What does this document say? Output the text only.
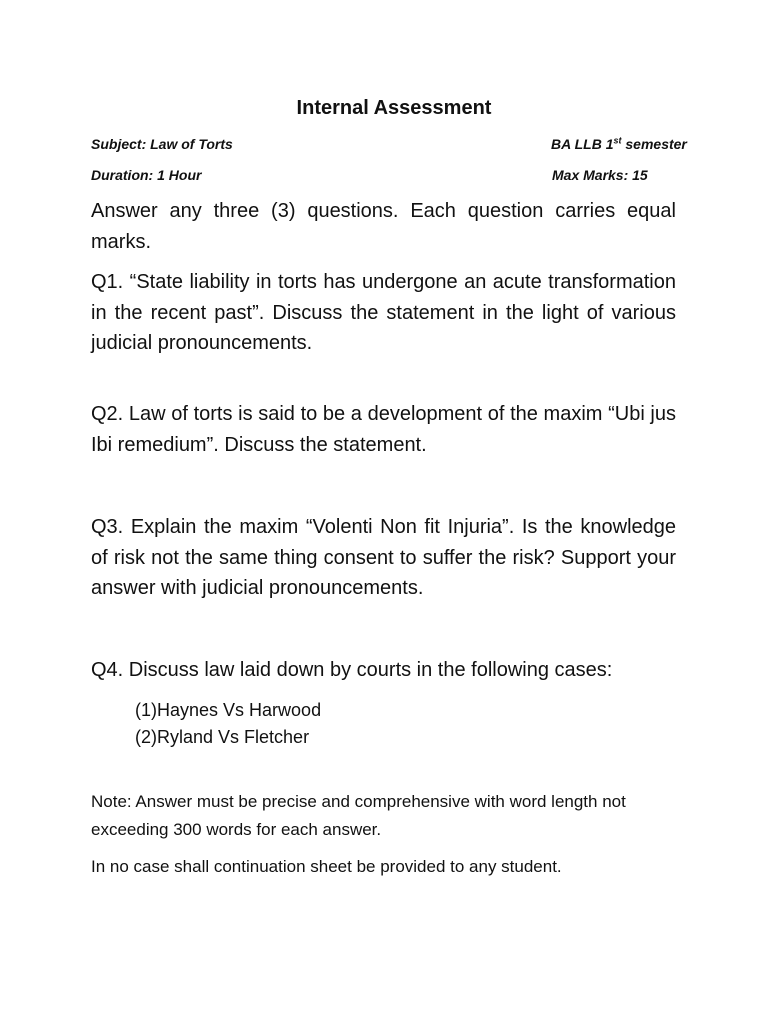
Internal Assessment
Subject: Law of Torts	BA LLB 1st semester
Duration: 1 Hour	Max Marks: 15
Answer any three (3) questions. Each question carries equal marks.
Q1. “State liability in torts has undergone an acute transformation in the recent past”. Discuss the statement in the light of various judicial pronouncements.
Q2. Law of torts is said to be a development of the maxim “Ubi jus Ibi remedium”. Discuss the statement.
Q3. Explain the maxim “Volenti Non fit Injuria”. Is the knowledge of risk not the same thing consent to suffer the risk? Support your answer with judicial pronouncements.
Q4. Discuss law laid down by courts in the following cases:
(1)Haynes Vs Harwood
(2)Ryland Vs Fletcher
Note: Answer must be precise and comprehensive with word length not exceeding 300 words for each answer.
In no case shall continuation sheet be provided to any student.
